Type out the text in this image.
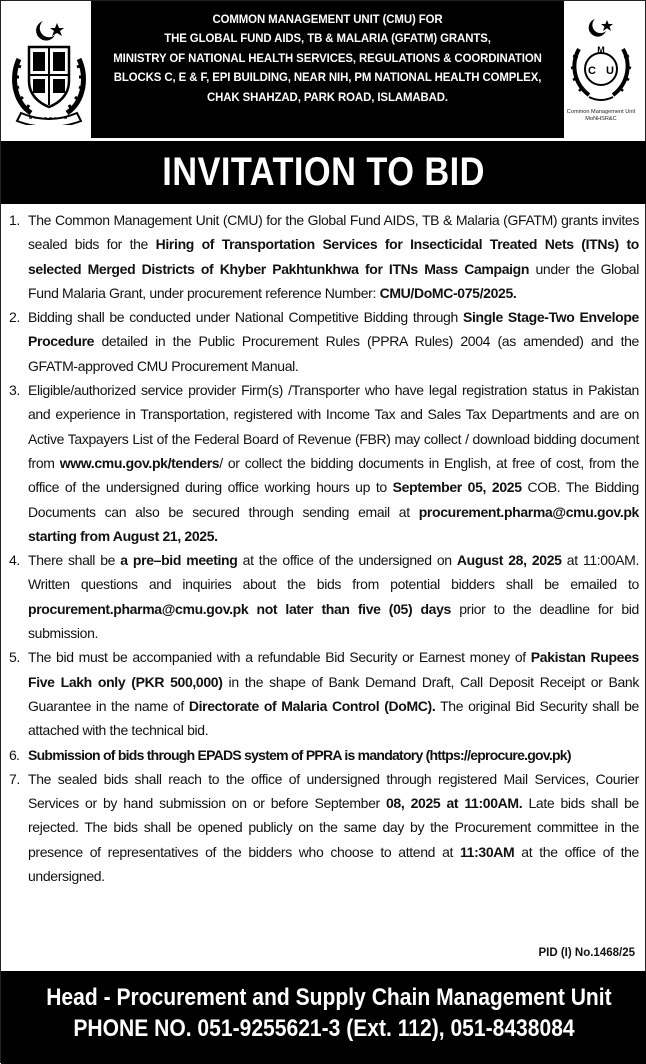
COMMON MANAGEMENT UNIT (CMU) FOR
THE GLOBAL FUND AIDS, TB & MALARIA (GFATM) GRANTS,
MINISTRY OF NATIONAL HEALTH SERVICES, REGULATIONS & COORDINATION
BLOCKS C, E & F, EPI BUILDING, NEAR NIH, PM NATIONAL HEALTH COMPLEX,
CHAK SHAHZAD, PARK ROAD, ISLAMABAD.
M
C U
Common Management Unit
MoNHSR&C
INVITATION TO BID
1. The Common Management Unit (CMU) for the Global Fund AIDS, TB & Malaria (GFATM) grants invites sealed bids for the Hiring of Transportation Services for Insecticidal Treated Nets (ITNs) to selected Merged Districts of Khyber Pakhtunkhwa for ITNs Mass Campaign under the Global Fund Malaria Grant, under procurement reference Number: CMU/DoMC-075/2025.
2. Bidding shall be conducted under National Competitive Bidding through Single Stage-Two Envelope Procedure detailed in the Public Procurement Rules (PPRA Rules) 2004 (as amended) and the GFATM-approved CMU Procurement Manual.
3. Eligible/authorized service provider Firm(s) /Transporter who have legal registration status in Pakistan and experience in Transportation, registered with Income Tax and Sales Tax Departments and are on Active Taxpayers List of the Federal Board of Revenue (FBR) may collect / download bidding document from www.cmu.gov.pk/tenders/ or collect the bidding documents in English, at free of cost, from the office of the undersigned during office working hours up to September 05, 2025 COB. The Bidding Documents can also be secured through sending email at procurement.pharma@cmu.gov.pk starting from August 21, 2025.
4. There shall be a pre–bid meeting at the office of the undersigned on August 28, 2025 at 11:00AM. Written questions and inquiries about the bids from potential bidders shall be emailed to procurement.pharma@cmu.gov.pk not later than five (05) days prior to the deadline for bid submission.
5. The bid must be accompanied with a refundable Bid Security or Earnest money of Pakistan Rupees Five Lakh only (PKR 500,000) in the shape of Bank Demand Draft, Call Deposit Receipt or Bank Guarantee in the name of Directorate of Malaria Control (DoMC). The original Bid Security shall be attached with the technical bid.
6. Submission of bids through EPADS system of PPRA is mandatory (https://eprocure.gov.pk)
7. The sealed bids shall reach to the office of undersigned through registered Mail Services, Courier Services or by hand submission on or before September 08, 2025 at 11:00AM. Late bids shall be rejected. The bids shall be opened publicly on the same day by the Procurement committee in the presence of representatives of the bidders who choose to attend at 11:30AM at the office of the undersigned.
PID (I) No.1468/25
Head - Procurement and Supply Chain Management Unit
PHONE NO. 051-9255621-3 (Ext. 112), 051-8438084
